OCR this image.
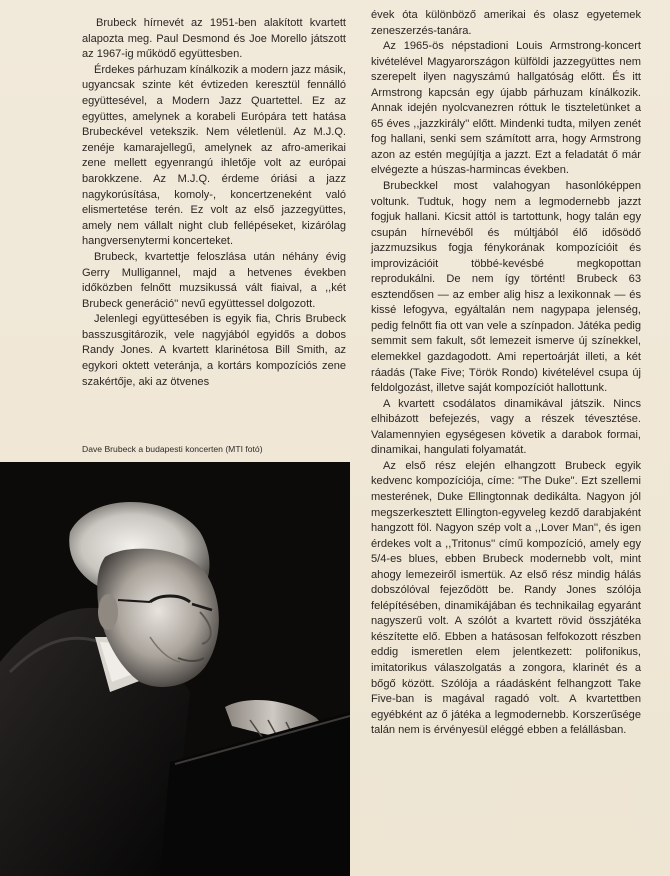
Brubeck hírnevét az 1951-ben alakított kvartett alapozta meg. Paul Desmond és Joe Morello játszott az 1967-ig működő együttesben.

Érdekes párhuzam kínálkozik a modern jazz másik, ugyancsak szinte két évtizeden keresztül fennálló együttesével, a Modern Jazz Quartettel. Ez az együttes, amelynek a korabeli Európára tett hatása Brubeckével vetekszik. Nem véletlenül. Az M.J.Q. zenéje kamarajellegű, amelynek az afro-amerikai zene mellett egyenrangú ihletője volt az európai barokkzene. Az M.J.Q. érdeme óriási a jazz nagykorúsítása, komoly-, koncertzeneként való elismertetése terén. Ez volt az első jazzegyüttes, amely nem vállalt night club fellépéseket, kizárólag hangversenytermi koncerteket.

Brubeck, kvartettje feloszlása után néhány évig Gerry Mulligannel, majd a hetvenes években időközben felnőtt muzsikussá vált fiaival, a ,,két Brubeck generáció'' nevű együttessel dolgozott.

Jelenlegi együttesében is egyik fia, Chris Brubeck basszusgitározik, vele nagyjából egyidős a dobos Randy Jones. A kvartett klarinétosa Bill Smith, az egykori oktett veteránja, a kortárs kompozíciós zene szakértője, aki az ötvenes

Dave Brubeck a budapesti koncerten (MTI fotó)

évek óta különböző amerikai és olasz egyetemek zeneszerzés-tanára.

Az 1965-ös népstadioni Louis Armstrong-koncert kivételével Magyarországon külföldi jazzegyüttes nem szerepelt ilyen nagyszámú hallgatóság előtt. És itt Armstrong kapcsán egy újabb párhuzam kínálkozik. Annak idején nyolcvanezren róttuk le tiszteletünket a 65 éves ,,jazzkirály'' előtt. Mindenki tudta, milyen zenét fog hallani, senki sem számított arra, hogy Armstrong azon az estén megújítja a jazzt. Ezt a feladatát ő már elvégezte a húszas-harmincas években.

Brubeckkel most valahogyan hasonlóképpen voltunk. Tudtuk, hogy nem a legmodernebb jazzt fogjuk hallani. Kicsit attól is tartottunk, hogy talán egy csupán hírnevéből és múltjából élő idősödő jazzmuzsikus fogja fénykorának kompozícióit és improvizációit többé-kevésbé megkopottan reprodukálni. De nem így történt! Brubeck 63 esztendősen — az ember alig hisz a lexikonnak — és kissé lefogyva, egyáltalán nem nagypapa jelenség, pedig felnőtt fia ott van vele a színpadon. Játéka pedig semmit sem fakult, sőt lemezeit ismerve új színekkel, elemekkel gazdagodott. Ami repertoárját illeti, a két ráadás (Take Five; Török Rondo) kivételével csupa új feldolgozást, illetve saját kompozíciót hallottunk.

A kvartett csodálatos dinamikával játszik. Nincs elhibázott befejezés, vagy a részek tévesztése. Valamennyien egységesen követik a darabok formai, dinamikai, hangulati folyamatát.

Az első rész elején elhangzott Brubeck egyik kedvenc kompozíciója, címe: "The Duke". Ezt szellemi mesterének, Duke Ellingtonnak dedikálta. Nagyon jól megszerkesztett Ellington-egyveleg kezdő darabjaként hangzott föl. Nagyon szép volt a ,,Lover Man'', és igen érdekes volt a ,,Tritonus'' című kompozíció, amely egy 5/4-es blues, ebben Brubeck modernebb volt, mint ahogy lemezeiről ismertük. Az első rész mindig hálás dobszólóval fejeződött be. Randy Jones szólója felépítésében, dinamikájában és technikailag egyaránt nagyszerű volt. A szólót a kvartett rövid összjátéka készítette elő. Ebben a hatásosan felfokozott részben eddig ismeretlen elem jelentkezett: polifonikus, imitatorikus válaszolgatás a zongora, klarinét és a bőgő között. Szólója a ráadásként felhangzott Take Five-ban is magával ragadó volt. A kvartettben egyébként az ő játéka a legmodernebb. Korszerűsége talán nem is érvényesül eléggé ebben a felállásban.
